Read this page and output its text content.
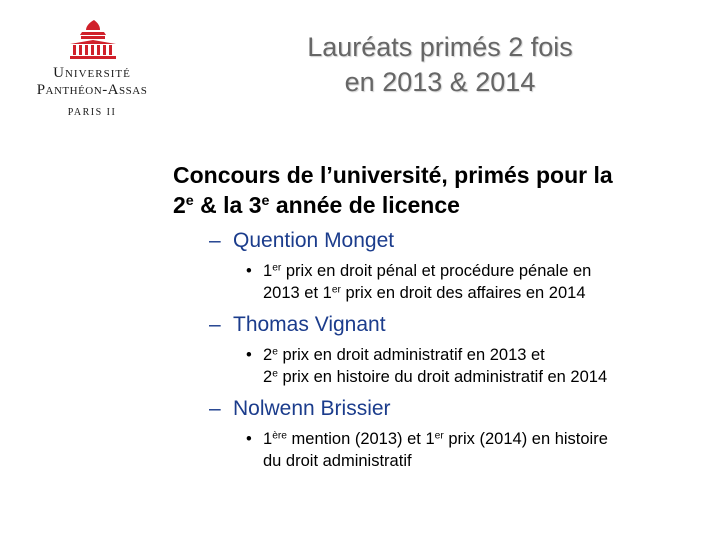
Université
Panthéon-Assas
PARIS II
Lauréats primés 2 fois
en 2013 & 2014
Concours de l’université, primés pour la
2e & la 3e année de licence
– Quention Monget
• 1er prix en droit pénal et procédure pénale en
2013 et 1er prix en droit des affaires en 2014
– Thomas Vignant
• 2e prix en droit administratif en 2013 et
2e prix en histoire du droit administratif en 2014
– Nolwenn Brissier
• 1ère mention (2013) et 1er prix (2014) en histoire
du droit administratif
